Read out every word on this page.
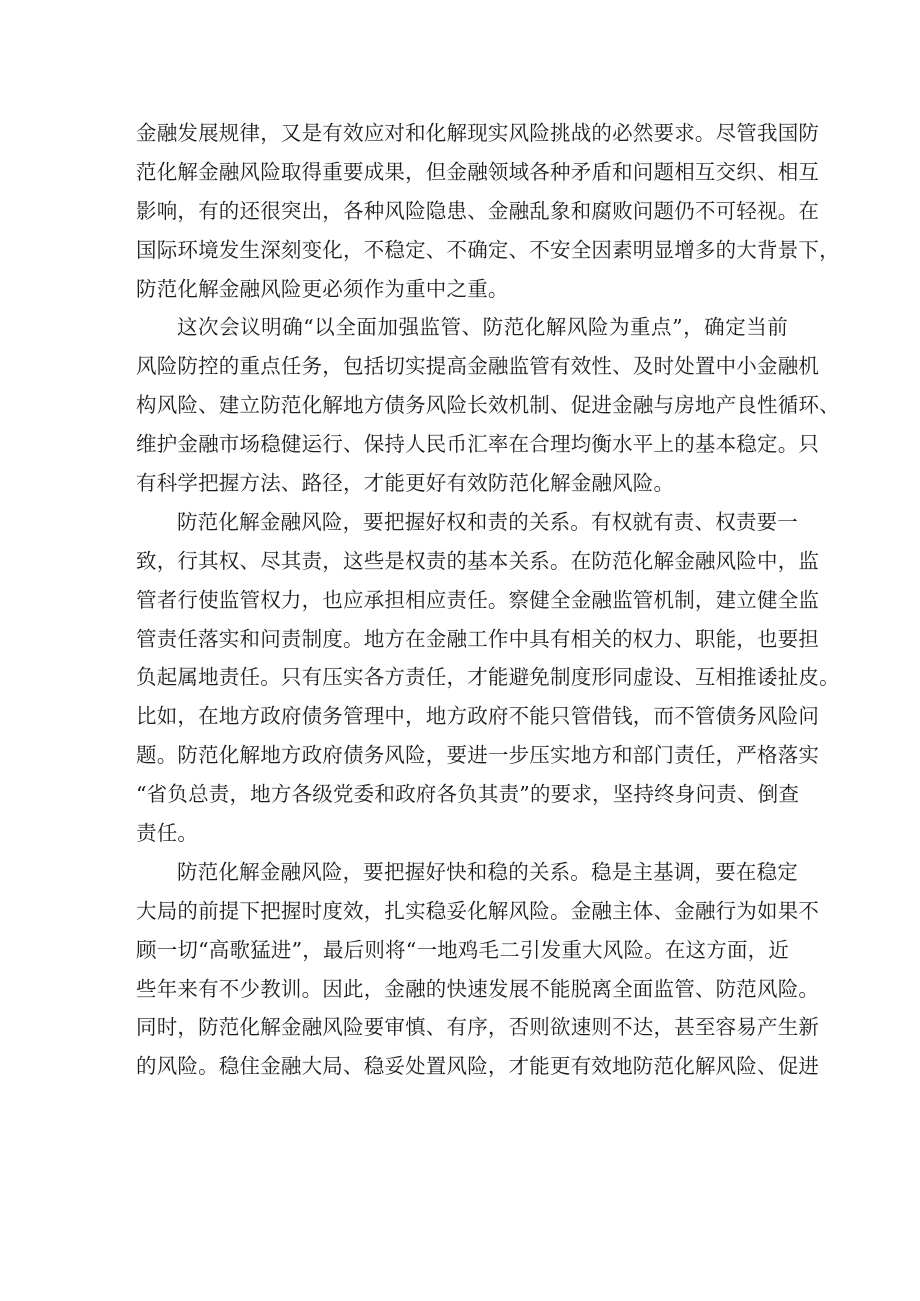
金融发展规律，又是有效应对和化解现实风险挑战的必然要求。尽管我国防
范化解金融风险取得重要成果，但金融领域各种矛盾和问题相互交织、相互
影响，有的还很突出，各种风险隐患、金融乱象和腐败问题仍不可轻视。在
国际环境发生深刻变化，不稳定、不确定、不安全因素明显增多的大背景下，
防范化解金融风险更必须作为重中之重。
这次会议明确“以全面加强监管、防范化解风险为重点”，确定当前
风险防控的重点任务，包括切实提高金融监管有效性、及时处置中小金融机
构风险、建立防范化解地方债务风险长效机制、促进金融与房地产良性循环、
维护金融市场稳健运行、保持人民币汇率在合理均衡水平上的基本稳定。只
有科学把握方法、路径，才能更好有效防范化解金融风险。
防范化解金融风险，要把握好权和责的关系。有权就有责、权责要一
致，行其权、尽其责，这些是权责的基本关系。在防范化解金融风险中，监
管者行使监管权力，也应承担相应责任。察健全金融监管机制，建立健全监
管责任落实和问责制度。地方在金融工作中具有相关的权力、职能，也要担
负起属地责任。只有压实各方责任，才能避免制度形同虚设、互相推诿扯皮。
比如，在地方政府债务管理中，地方政府不能只管借钱，而不管债务风险问
题。防范化解地方政府债务风险，要进一步压实地方和部门责任，严格落实
“省负总责，地方各级党委和政府各负其责”的要求，坚持终身问责、倒查
责任。
防范化解金融风险，要把握好快和稳的关系。稳是主基调，要在稳定
大局的前提下把握时度效，扎实稳妥化解风险。金融主体、金融行为如果不
顾一切“高歌猛进”，最后则将“一地鸡毛二引发重大风险。在这方面，近
些年来有不少教训。因此，金融的快速发展不能脱离全面监管、防范风险。
同时，防范化解金融风险要审慎、有序，否则欲速则不达，甚至容易产生新
的风险。稳住金融大局、稳妥处置风险，才能更有效地防范化解风险、促进
